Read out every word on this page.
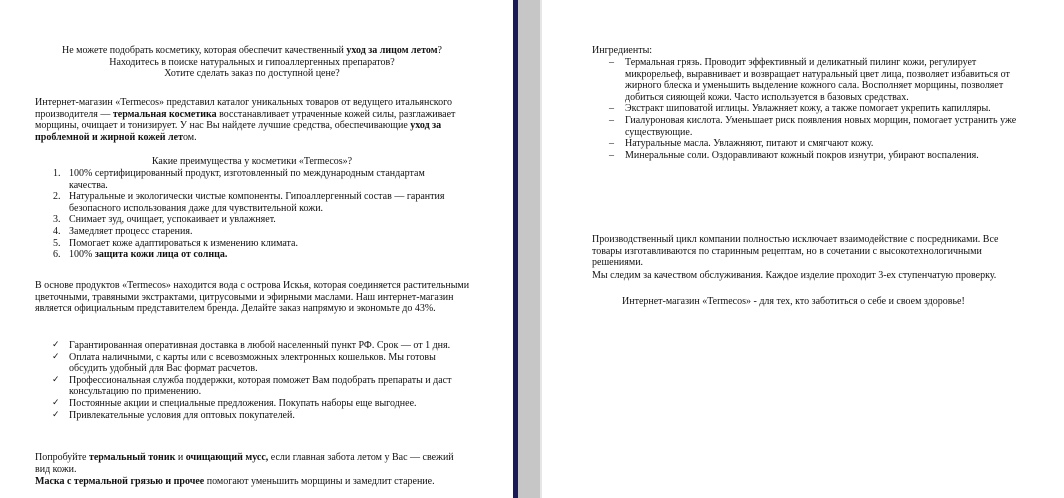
Не можете подобрать косметику, которая обеспечит качественный уход за лицом летом?

Находитесь в поиске натуральных и гипоаллергенных препаратов?

Хотите сделать заказ по доступной цене?

Интернет-магазин «Termecos» представил каталог уникальных товаров от ведущего итальянского производителя — термальная косметика восстанавливает утраченные кожей силы, разглаживает морщины, очищает и тонизирует. У нас Вы найдете лучшие средства, обеспечивающие уход за проблемной и жирной кожей летом.
Какие преимущества у косметики «Termecos»?
1. 100% сертифицированный продукт, изготовленный по международным стандартам качества.
2. Натуральные и экологически чистые компоненты. Гипоаллергенный состав — гарантия безопасного использования даже для чувствительной кожи.
3. Снимает зуд, очищает, успокаивает и увлажняет.
4. Замедляет процесс старения.
5. Помогает коже адаптироваться к изменению климата.
6. 100% защита кожи лица от солнца.
В основе продуктов «Termecos» находится вода с острова Искья, которая соединяется растительными цветочными, травяными экстрактами, цитрусовыми и эфирными маслами. Наш интернет-магазин является официальным представителем бренда. Делайте заказ напрямую и экономьте до 43%.
✓ Гарантированная оперативная доставка в любой населенный пункт РФ. Срок — от 1 дня.
✓ Оплата наличными, с карты или с всевозможных электронных кошельков. Мы готовы обсудить удобный для Вас формат расчетов.
✓ Профессиональная служба поддержки, которая поможет Вам подобрать препараты и даст консультацию по применению.
✓ Постоянные акции и специальные предложения. Покупать наборы еще выгоднее.
✓ Привлекательные условия для оптовых покупателей.
Попробуйте термальный тоник и очищающий мусс, если главная забота летом у Вас — свежий вид кожи.
Маска с термальной грязью и прочее помогают уменьшить морщины и замедлит старение.
Ингредиенты:
– Термальная грязь. Проводит эффективный и деликатный пилинг кожи, регулирует микрорельеф, выравнивает и возвращает натуральный цвет лица, позволяет избавиться от жирного блеска и уменьшить выделение кожного сала. Восполняет морщины, позволяет добиться сияющей кожи. Часто используется в базовых средствах.
– Экстракт шиповатой иглицы. Увлажняет кожу, а также помогает укрепить капилляры.
– Гиалуроновая кислота. Уменьшает риск появления новых морщин, помогает устранить уже существующие.
– Натуральные масла. Увлажняют, питают и смягчают кожу.
– Минеральные соли. Оздоравливают кожный покров изнутри, убирают воспаления.
Производственный цикл компании полностью исключает взаимодействие с посредниками. Все товары изготавливаются по старинным рецептам, но в сочетании с высокотехнологичными решениями.
Мы следим за качеством обслуживания. Каждое изделие проходит 3-ех ступенчатую проверку.
Интернет-магазин «Termecos» - для тех, кто заботиться о себе и своем здоровье!
